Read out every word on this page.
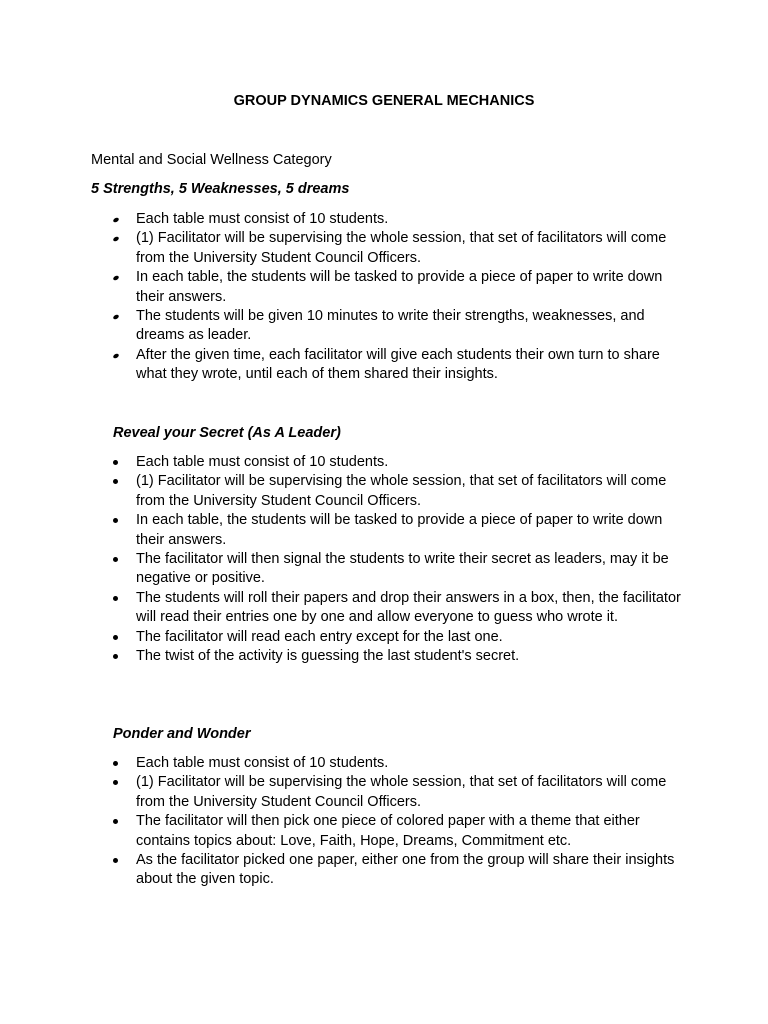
GROUP DYNAMICS GENERAL MECHANICS

Mental and Social Wellness Category

5 Strengths, 5 Weaknesses, 5 dreams

Each table must consist of 10 students.
(1) Facilitator will be supervising the whole session, that set of facilitators will come from the University Student Council Officers.
In each table, the students will be tasked to provide a piece of paper to write down their answers.
The students will be given 10 minutes to write their strengths, weaknesses, and dreams as leader.
After the given time, each facilitator will give each students their own turn to share what they wrote, until each of them shared their insights.

Reveal your Secret (As A Leader)

Each table must consist of 10 students.
(1) Facilitator will be supervising the whole session, that set of facilitators will come from the University Student Council Officers.
In each table, the students will be tasked to provide a piece of paper to write down their answers.
The facilitator will then signal the students to write their secret as leaders, may it be negative or positive.
The students will roll their papers and drop their answers in a box, then, the facilitator will read their entries one by one and allow everyone to guess who wrote it.
The facilitator will read each entry except for the last one.
The twist of the activity is guessing the last student's secret.

Ponder and Wonder

Each table must consist of 10 students.
(1) Facilitator will be supervising the whole session, that set of facilitators will come from the University Student Council Officers.
The facilitator will then pick one piece of colored paper with a theme that either contains topics about: Love, Faith, Hope, Dreams, Commitment etc.
As the facilitator picked one paper, either one from the group will share their insights about the given topic.
